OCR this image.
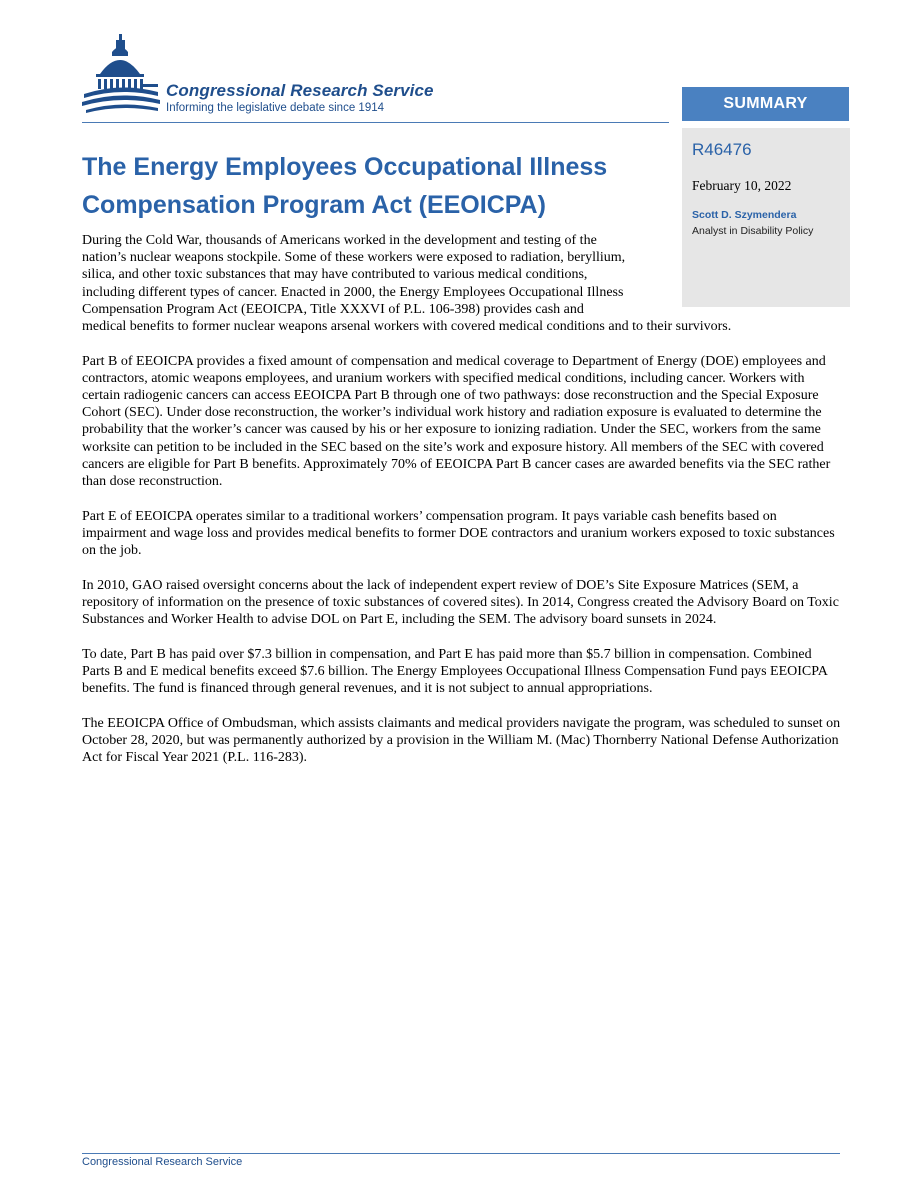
Congressional Research Service
Informing the legislative debate since 1914	SUMMARY
R46476
February 10, 2022
Scott D. Szymendera
Analyst in Disability Policy
The Energy Employees Occupational Illness Compensation Program Act (EEOICPA)

During the Cold War, thousands of Americans worked in the development and testing of the
nation’s nuclear weapons stockpile. Some of these workers were exposed to radiation, beryllium,
silica, and other toxic substances that may have contributed to various medical conditions,
including different types of cancer. Enacted in 2000, the Energy Employees Occupational Illness
Compensation Program Act (EEOICPA, Title XXXVI of P.L. 106-398) provides cash and
medical benefits to former nuclear weapons arsenal workers with covered medical conditions and to their survivors.

Part B of EEOICPA provides a fixed amount of compensation and medical coverage to Department of Energy (DOE) employees and contractors, atomic weapons employees, and uranium workers with specified medical conditions, including cancer. Workers with certain radiogenic cancers can access EEOICPA Part B through one of two pathways: dose reconstruction and the Special Exposure Cohort (SEC). Under dose reconstruction, the worker’s individual work history and radiation exposure is evaluated to determine the probability that the worker’s cancer was caused by his or her exposure to ionizing radiation. Under the SEC, workers from the same worksite can petition to be included in the SEC based on the site’s work and exposure history. All members of the SEC with covered cancers are eligible for Part B benefits. Approximately 70% of EEOICPA Part B cancer cases are awarded benefits via the SEC rather than dose reconstruction.

Part E of EEOICPA operates similar to a traditional workers’ compensation program. It pays variable cash benefits based on impairment and wage loss and provides medical benefits to former DOE contractors and uranium workers exposed to toxic substances on the job.

In 2010, GAO raised oversight concerns about the lack of independent expert review of DOE’s Site Exposure Matrices (SEM, a repository of information on the presence of toxic substances of covered sites). In 2014, Congress created the Advisory Board on Toxic Substances and Worker Health to advise DOL on Part E, including the SEM. The advisory board sunsets in 2024.

To date, Part B has paid over $7.3 billion in compensation, and Part E has paid more than $5.7 billion in compensation. Combined Parts B and E medical benefits exceed $7.6 billion. The Energy Employees Occupational Illness Compensation Fund pays EEOICPA benefits. The fund is financed through general revenues, and it is not subject to annual appropriations.

The EEOICPA Office of Ombudsman, which assists claimants and medical providers navigate the program, was scheduled to sunset on October 28, 2020, but was permanently authorized by a provision in the William M. (Mac) Thornberry National Defense Authorization Act for Fiscal Year 2021 (P.L. 116-283).

Congressional Research Service
